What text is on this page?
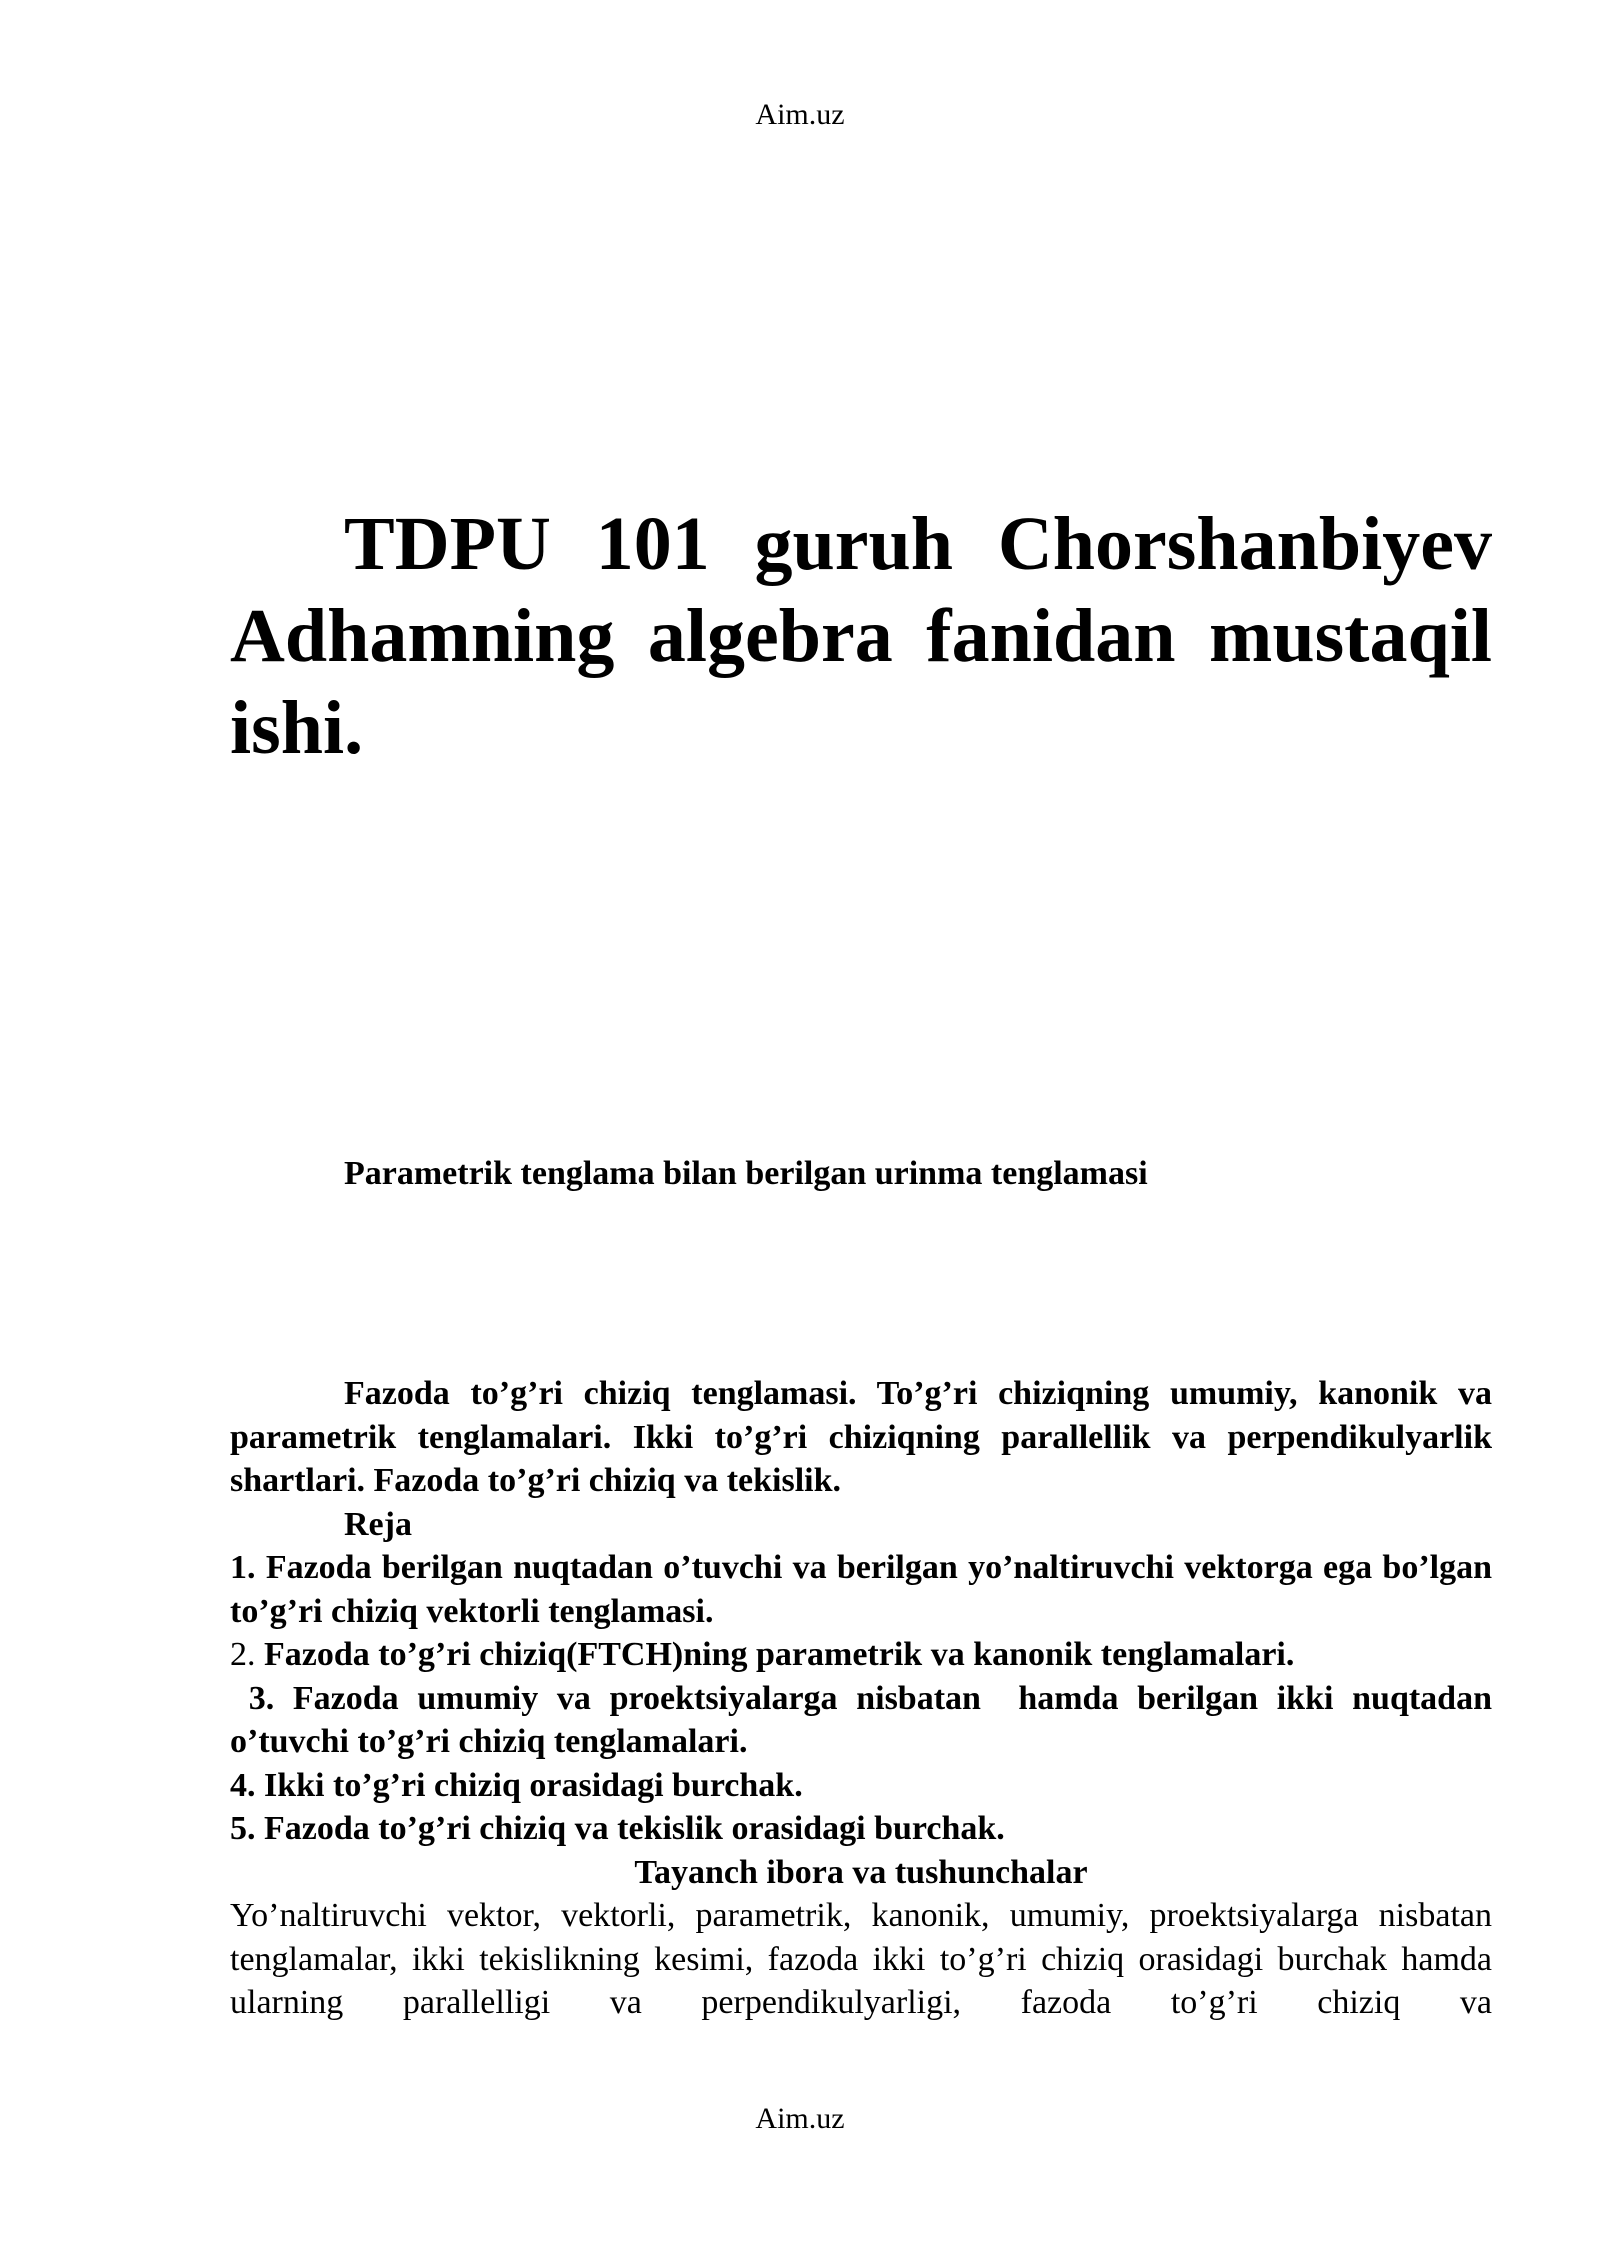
Aim.uz
TDPU 101 guruh Chorshanbiyev Adhamning algebra fanidan mustaqil ishi.
Parametrik tenglama bilan berilgan urinma tenglamasi

Fazoda to’g’ri chiziq tenglamasi. To’g’ri chiziqning umumiy, kanonik va parametrik tenglamalari. Ikki to’g’ri chiziqning parallellik va perpendikulyarlik shartlari. Fazoda to’g’ri chiziq va tekislik.

Reja

1. Fazoda berilgan nuqtadan o’tuvchi va berilgan yo’naltiruvchi vektorga ega bo’lgan to’g’ri chiziq vektorli tenglamasi.

2. Fazoda to’g’ri chiziq(FTCH)ning parametrik va kanonik tenglamalari.

3. Fazoda umumiy va proektsiyalarga nisbatan  hamda berilgan ikki nuqtadan o’tuvchi to’g’ri chiziq tenglamalari.

4. Ikki to’g’ri chiziq orasidagi burchak.

5. Fazoda to’g’ri chiziq va tekislik orasidagi burchak.

Tayanch ibora va tushunchalar

Yo’naltiruvchi vektor, vektorli, parametrik, kanonik, umumiy, proektsiyalarga nisbatan tenglamalar, ikki tekislikning kesimi, fazoda ikki to’g’ri chiziq orasidagi burchak hamda ularning parallelligi va perpendikulyarligi, fazoda to’g’ri chiziq va

Aim.uz
